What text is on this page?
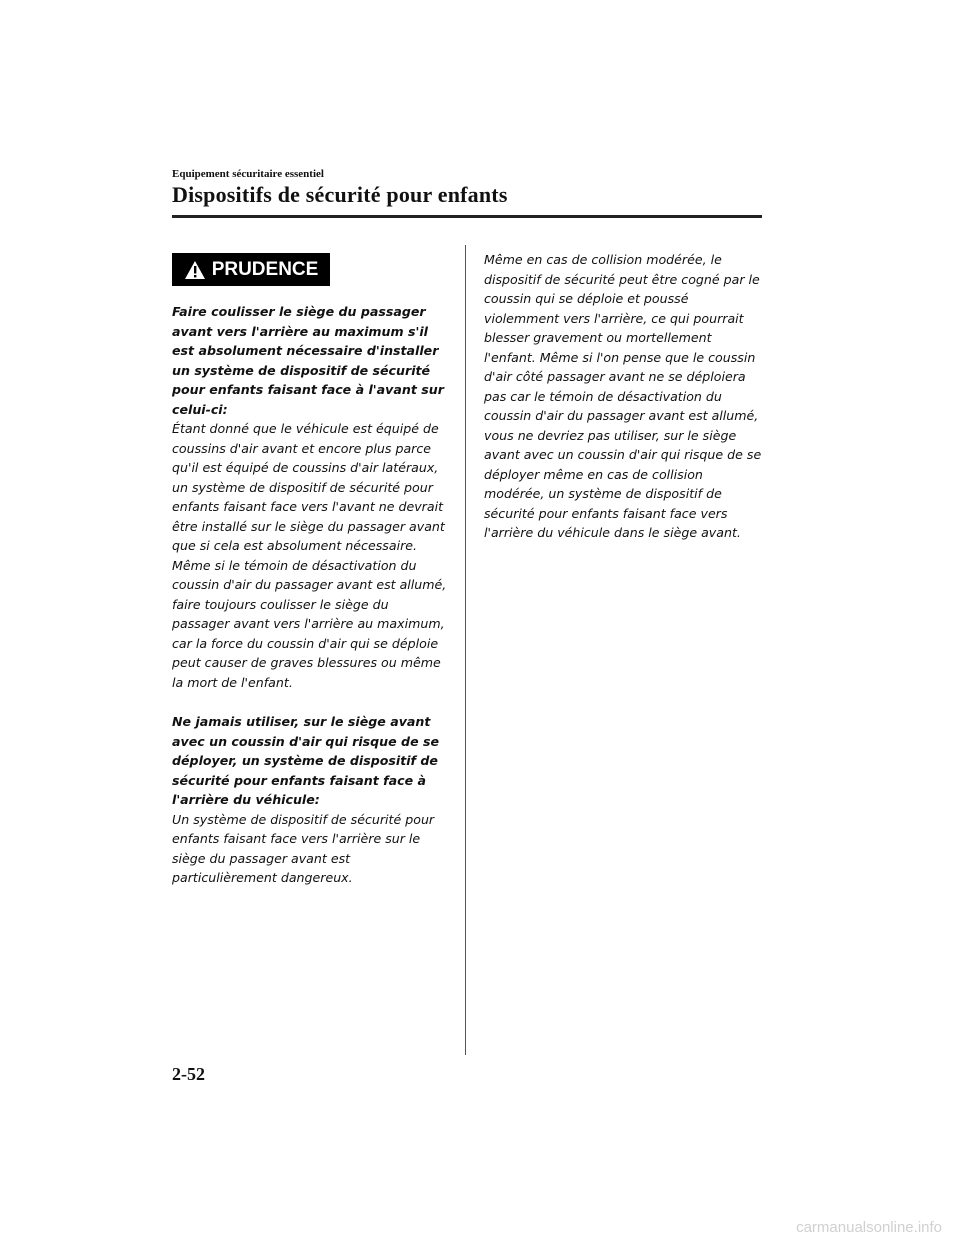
Equipement sécuritaire essentiel
Dispositifs de sécurité pour enfants
PRUDENCE

Faire coulisser le siège du passager avant vers l'arrière au maximum s'il est absolument nécessaire d'installer un système de dispositif de sécurité pour enfants faisant face à l'avant sur celui-ci:

Étant donné que le véhicule est équipé de coussins d'air avant et encore plus parce qu'il est équipé de coussins d'air latéraux, un système de dispositif de sécurité pour enfants faisant face vers l'avant ne devrait être installé sur le siège du passager avant que si cela est absolument nécessaire. Même si le témoin de désactivation du coussin d'air du passager avant est allumé, faire toujours coulisser le siège du passager avant vers l'arrière au maximum, car la force du coussin d'air qui se déploie peut causer de graves blessures ou même la mort de l'enfant.

Ne jamais utiliser, sur le siège avant avec un coussin d'air qui risque de se déployer, un système de dispositif de sécurité pour enfants faisant face à l'arrière du véhicule:

Un système de dispositif de sécurité pour enfants faisant face vers l'arrière sur le siège du passager avant est particulièrement dangereux.

Même en cas de collision modérée, le dispositif de sécurité peut être cogné par le coussin qui se déploie et poussé violemment vers l'arrière, ce qui pourrait blesser gravement ou mortellement l'enfant. Même si l'on pense que le coussin d'air côté passager avant ne se déploiera pas car le témoin de désactivation du coussin d'air du passager avant est allumé, vous ne devriez pas utiliser, sur le siège avant avec un coussin d'air qui risque de se déployer même en cas de collision modérée, un système de dispositif de sécurité pour enfants faisant face vers l'arrière du véhicule dans le siège avant.

2-52
carmanualsonline.info
